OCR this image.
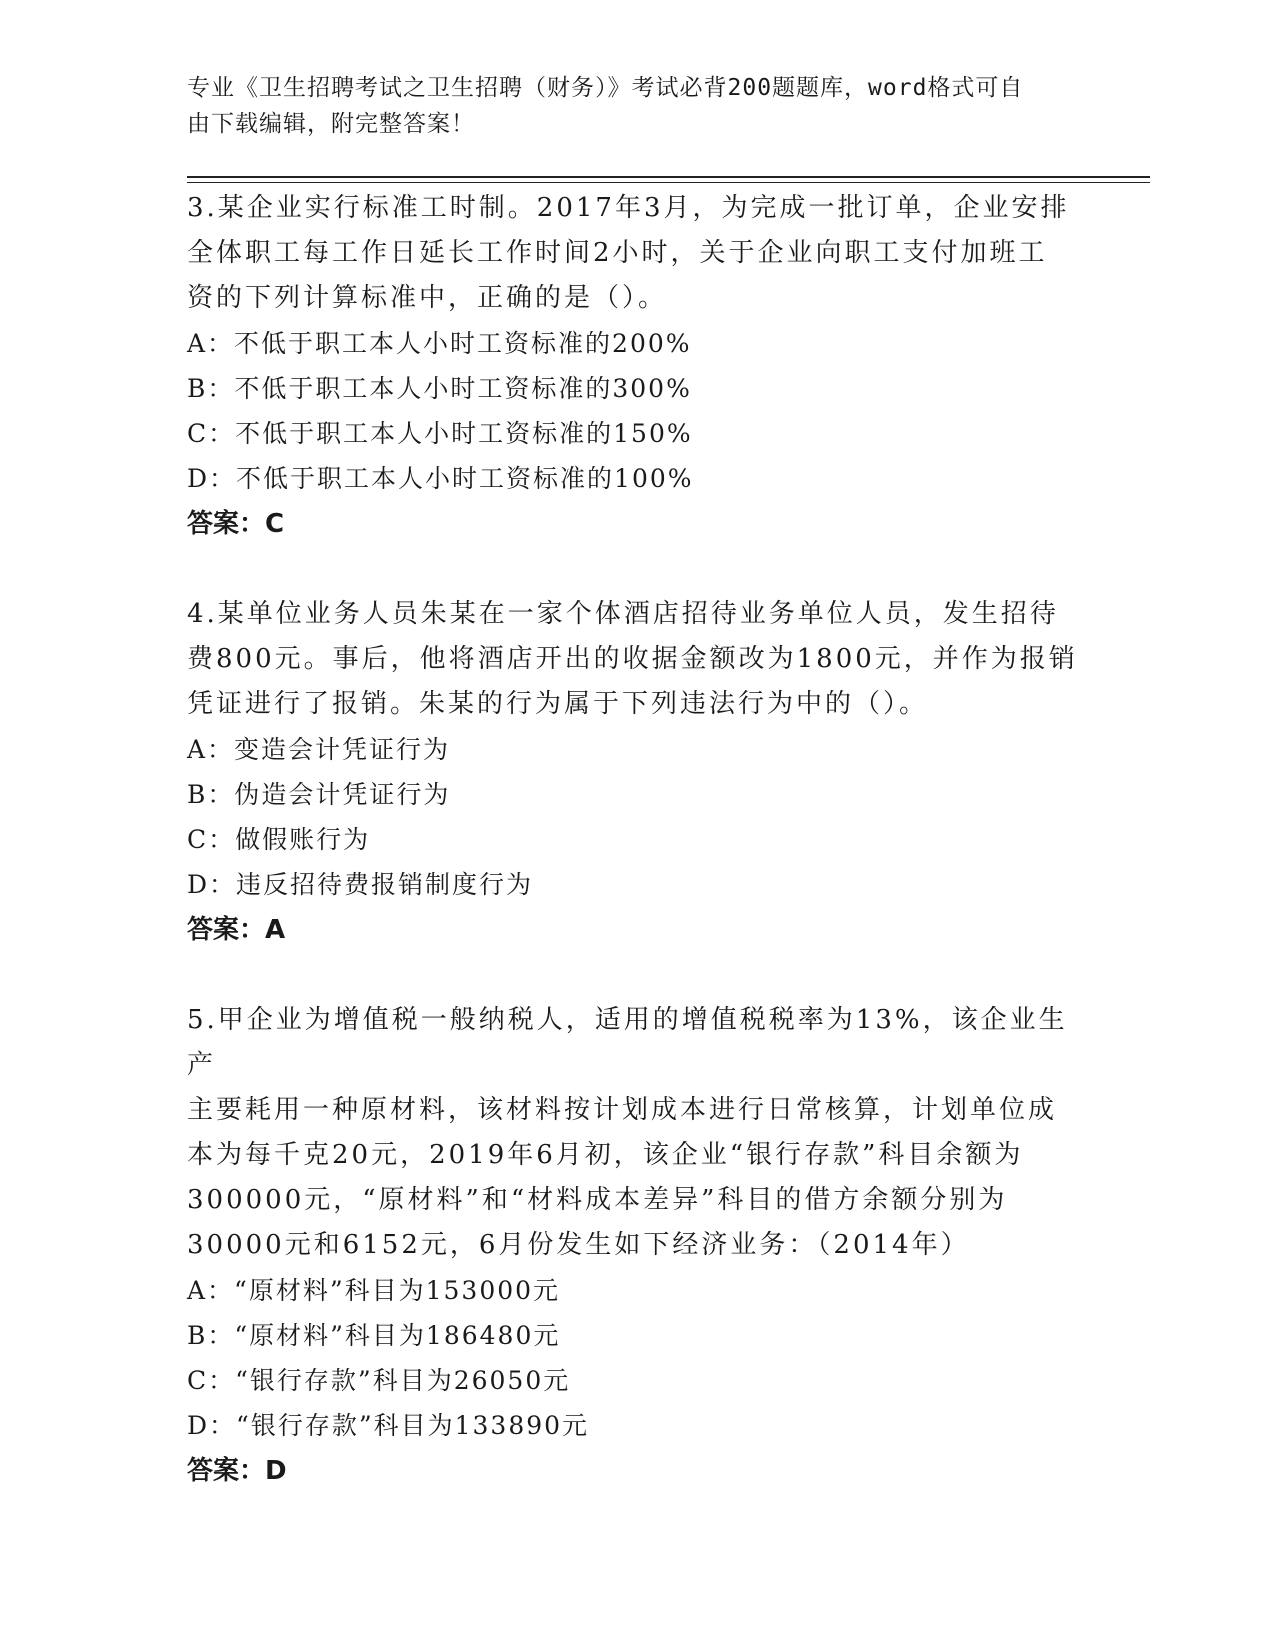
专业《卫生招聘考试之卫生招聘（财务）》考试必背200题题库，word格式可自
由下载编辑，附完整答案！
3.某企业实行标准工时制。2017年3月，为完成一批订单，企业安排
全体职工每工作日延长工作时间2小时，关于企业向职工支付加班工
资的下列计算标准中，正确的是（）。
A：不低于职工本人小时工资标准的200%
B：不低于职工本人小时工资标准的300%
C：不低于职工本人小时工资标准的150%
D：不低于职工本人小时工资标准的100%
答案：C
4.某单位业务人员朱某在一家个体酒店招待业务单位人员，发生招待
费800元。事后，他将酒店开出的收据金额改为1800元，并作为报销
凭证进行了报销。朱某的行为属于下列违法行为中的（）。
A：变造会计凭证行为
B：伪造会计凭证行为
C：做假账行为
D：违反招待费报销制度行为
答案：A
5.甲企业为增值税一般纳税人，适用的增值税税率为13%，该企业生产
主要耗用一种原材料，该材料按计划成本进行日常核算，计划单位成
本为每千克20元，2019年6月初，该企业“银行存款”科目余额为
300000元，“原材料”和“材料成本差异”科目的借方余额分别为
30000元和6152元，6月份发生如下经济业务：（2014年）
A：“原材料”科目为153000元
B：“原材料”科目为186480元
C：“银行存款”科目为26050元
D：“银行存款”科目为133890元
答案：D
